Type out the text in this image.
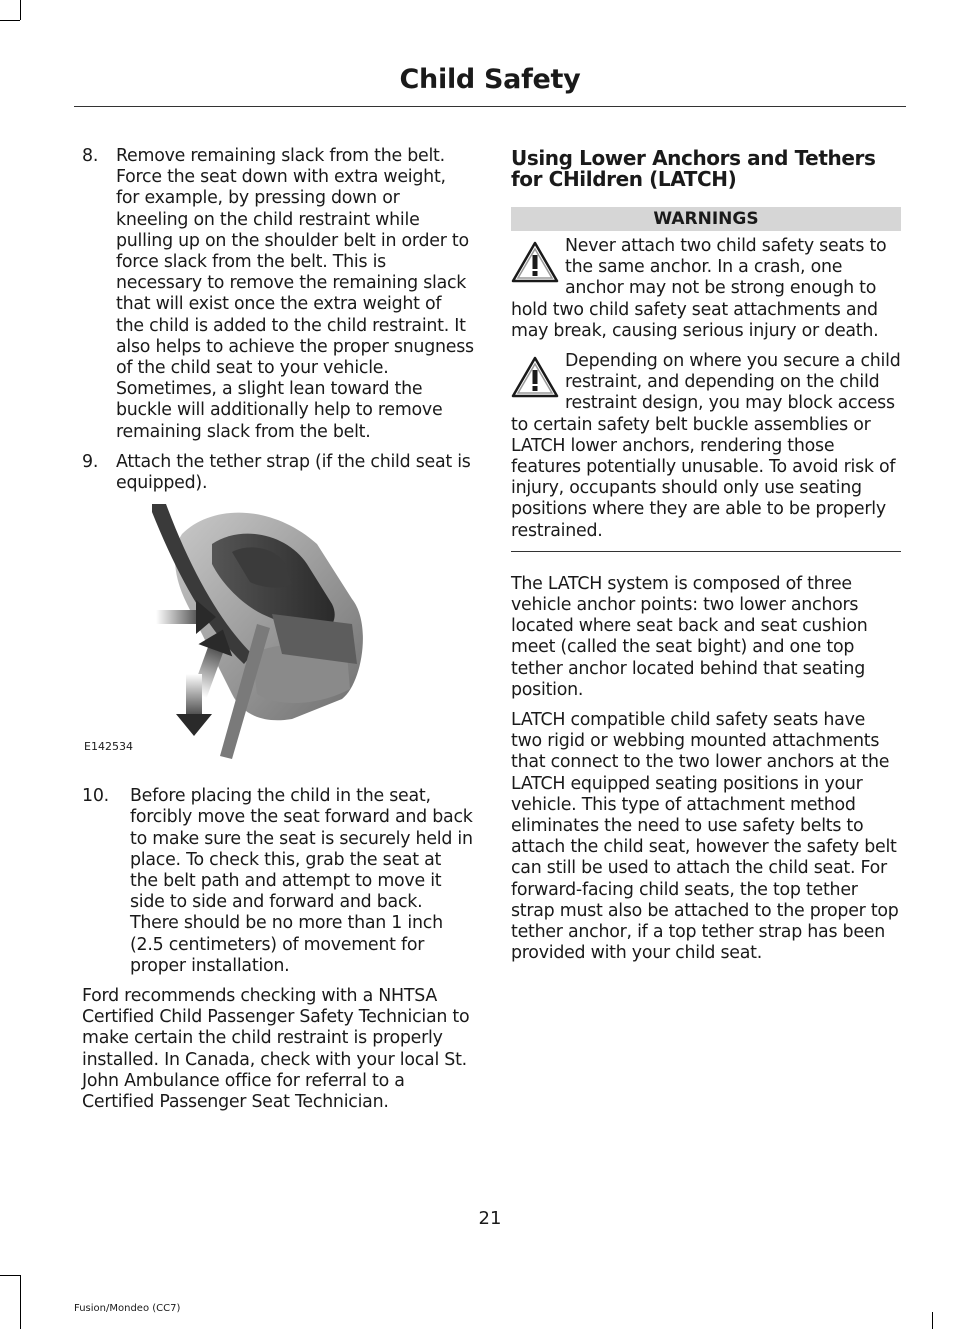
Child Safety
8.	Remove remaining slack from the belt. Force the seat down with extra weight, for example, by pressing down or kneeling on the child restraint while pulling up on the shoulder belt in order to force slack from the belt. This is necessary to remove the remaining slack that will exist once the extra weight of the child is added to the child restraint. It also helps to achieve the proper snugness of the child seat to your vehicle. Sometimes, a slight lean toward the buckle will additionally help to remove remaining slack from the belt.
9.	Attach the tether strap (if the child seat is equipped).
E142534
10.	Before placing the child in the seat, forcibly move the seat forward and back to make sure the seat is securely held in place. To check this, grab the seat at the belt path and attempt to move it side to side and forward and back. There should be no more than 1 inch (2.5 centimeters) of movement for proper installation.

Ford recommends checking with a NHTSA Certified Child Passenger Safety Technician to make certain the child restraint is properly installed. In Canada, check with your local St. John Ambulance office for referral to a Certified Passenger Seat Technician.

Using Lower Anchors and Tethers for CHildren (LATCH)
WARNINGS
Never attach two child safety seats to the same anchor. In a crash, one anchor may not be strong enough to hold two child safety seat attachments and may break, causing serious injury or death.
Depending on where you secure a child restraint, and depending on the child restraint design, you may block access to certain safety belt buckle assemblies or LATCH lower anchors, rendering those features potentially unusable. To avoid risk of injury, occupants should only use seating positions where they are able to be properly restrained.

The LATCH system is composed of three vehicle anchor points: two lower anchors located where seat back and seat cushion meet (called the seat bight) and one top tether anchor located behind that seating position.

LATCH compatible child safety seats have two rigid or webbing mounted attachments that connect to the two lower anchors at the LATCH equipped seating positions in your vehicle. This type of attachment method eliminates the need to use safety belts to attach the child seat, however the safety belt can still be used to attach the child seat. For forward-facing child seats, the top tether strap must also be attached to the proper top tether anchor, if a top tether strap has been provided with your child seat.

21
Fusion/Mondeo (CC7)
